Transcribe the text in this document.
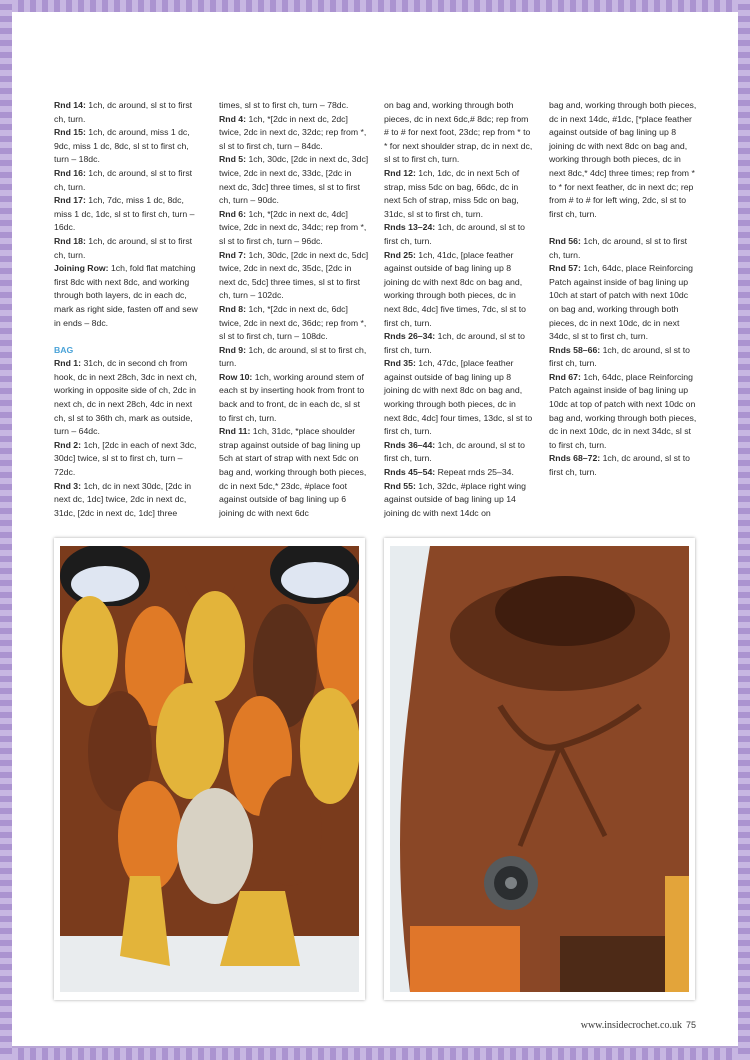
Rnd 14: 1ch, dc around, sl st to first ch, turn.

Rnd 15: 1ch, dc around, miss 1 dc, 9dc, miss 1 dc, 8dc, sl st to first ch, turn – 18dc.

Rnd 16: 1ch, dc around, sl st to first ch, turn.

Rnd 17: 1ch, 7dc, miss 1 dc, 8dc, miss 1 dc, 1dc, sl st to first ch, turn – 16dc.

Rnd 18: 1ch, dc around, sl st to first ch, turn.

Joining Row: 1ch, fold flat matching first 8dc with next 8dc, and working through both layers, dc in each dc, mark as right side, fasten off and sew in ends – 8dc.

BAG

Rnd 1: 31ch, dc in second ch from hook, dc in next 28ch, 3dc in next ch, working in opposite side of ch, 2dc in next ch, dc in next 28ch, 4dc in next ch, sl st to 36th ch, mark as outside, turn – 64dc.

Rnd 2: 1ch, [2dc in each of next 3dc, 30dc] twice, sl st to first ch, turn – 72dc.

Rnd 3: 1ch, dc in next 30dc, [2dc in next dc, 1dc] twice, 2dc in next dc, 31dc, [2dc in next dc, 1dc] three

times, sl st to first ch, turn – 78dc.

Rnd 4: 1ch, *[2dc in next dc, 2dc] twice, 2dc in next dc, 32dc; rep from *, sl st to first ch, turn – 84dc.

Rnd 5: 1ch, 30dc, [2dc in next dc, 3dc] twice, 2dc in next dc, 33dc, [2dc in next dc, 3dc] three times, sl st to first ch, turn – 90dc.

Rnd 6: 1ch, *[2dc in next dc, 4dc] twice, 2dc in next dc, 34dc; rep from *, sl st to first ch, turn – 96dc.

Rnd 7: 1ch, 30dc, [2dc in next dc, 5dc] twice, 2dc in next dc, 35dc, [2dc in next dc, 5dc] three times, sl st to first ch, turn – 102dc.

Rnd 8: 1ch, *[2dc in next dc, 6dc] twice, 2dc in next dc, 36dc; rep from *, sl st to first ch, turn – 108dc.

Rnd 9: 1ch, dc around, sl st to first ch, turn.

Row 10: 1ch, working around stem of each st by inserting hook from front to back and to front, dc in each dc, sl st to first ch, turn.

Rnd 11: 1ch, 31dc, *place shoulder strap against outside of bag lining up 5ch at start of strap with next 5dc on bag and, working through both pieces, dc in next 5dc,* 23dc, #place foot against outside of bag lining up 6 joining dc with next 6dc

on bag and, working through both pieces, dc in next 6dc,# 8dc; rep from # to # for next foot, 23dc; rep from * to * for next shoulder strap, dc in next dc, sl st to first ch, turn.

Rnd 12: 1ch, 1dc, dc in next 5ch of strap, miss 5dc on bag, 66dc, dc in next 5ch of strap, miss 5dc on bag, 31dc, sl st to first ch, turn.

Rnds 13–24: 1ch, dc around, sl st to first ch, turn.

Rnd 25: 1ch, 41dc, [place feather against outside of bag lining up 8 joining dc with next 8dc on bag and, working through both pieces, dc in next 8dc, 4dc] five times, 7dc, sl st to first ch, turn.

Rnds 26–34: 1ch, dc around, sl st to first ch, turn.

Rnd 35: 1ch, 47dc, [place feather against outside of bag lining up 8 joining dc with next 8dc on bag and, working through both pieces, dc in next 8dc, 4dc] four times, 13dc, sl st to first ch, turn.

Rnds 36–44: 1ch, dc around, sl st to first ch, turn.

Rnds 45–54: Repeat rnds 25–34.

Rnd 55: 1ch, 32dc, #place right wing against outside of bag lining up 14 joining dc with next 14dc on

bag and, working through both pieces, dc in next 14dc, #1dc, [*place feather against outside of bag lining up 8 joining dc with next 8dc on bag and, working through both pieces, dc in next 8dc,* 4dc] three times; rep from * to * for next feather, dc in next dc; rep from # to # for left wing, 2dc, sl st to first ch, turn.

Rnd 56: 1ch, dc around, sl st to first ch, turn.

Rnd 57: 1ch, 64dc, place Reinforcing Patch against inside of bag lining up 10ch at start of patch with next 10dc on bag and, working through both pieces, dc in next 10dc, dc in next 34dc, sl st to first ch, turn.

Rnds 58–66: 1ch, dc around, sl st to first ch, turn.

Rnd 67: 1ch, 64dc, place Reinforcing Patch against inside of bag lining up 10dc at top of patch with next 10dc on bag and, working through both pieces, dc in next 10dc, dc in next 34dc, sl st to first ch, turn.

Rnds 68–72: 1ch, dc around, sl st to first ch, turn.

www.insidecrochet.co.uk 75
